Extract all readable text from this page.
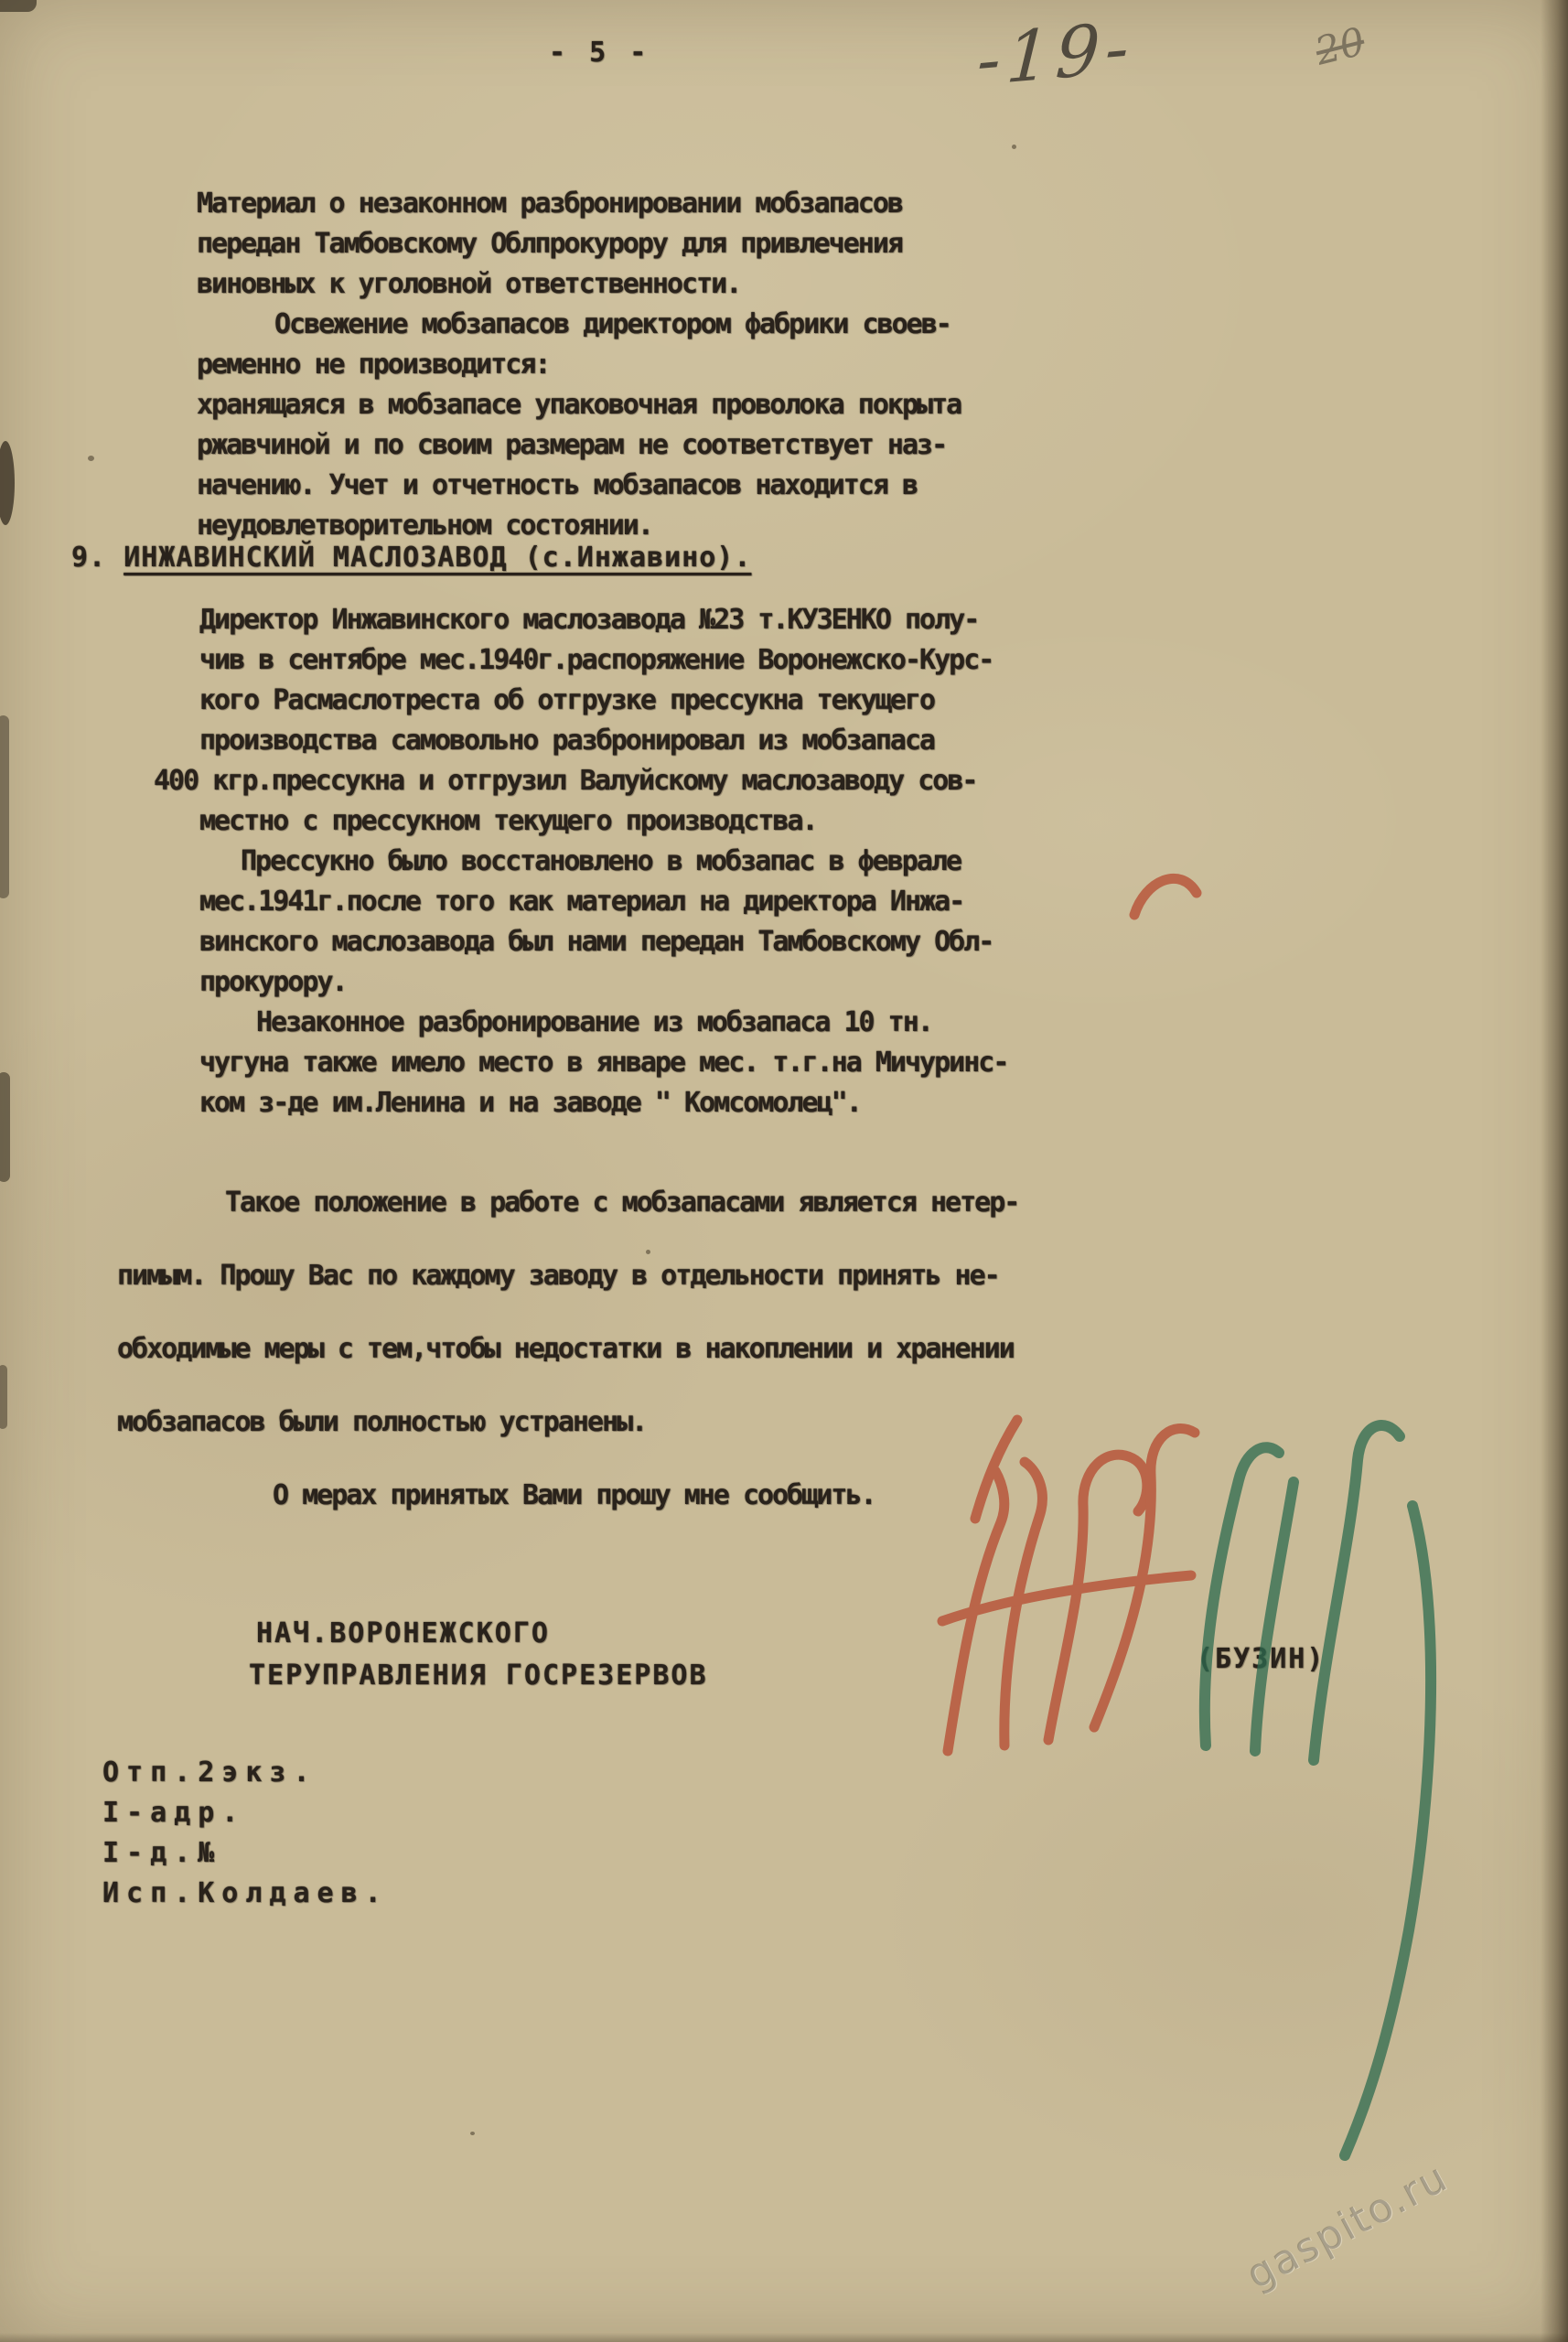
- 5 -	-19-	20
Материал о незаконном разбронировании мобзапасов
передан Тамбовскому Облпрокурору для привлечения
виновных к уголовной ответственности.
Освежение мобзапасов директором фабрики своев-
ременно не производится:
хранящаяся в мобзапасе упаковочная проволока покрыта
ржавчиной и по своим размерам не соответствует наз-
начению. Учет и отчетность мобзапасов находится в
неудовлетворительном состоянии.
9. ИНЖАВИНСКИЙ МАСЛОЗАВОД (с.Инжавино).
Директор Инжавинского маслозавода №23 т.КУЗЕНКО полу-
чив в сентябре мес.1940г.распоряжение Воронежско-Курс-
кого Расмаслотреста об отгрузке прессукна текущего
производства самовольно разбронировал из мобзапаса
400 кгр.прессукна и отгрузил Валуйскому маслозаводу сов-
местно с прессукном текущего производства.
Прессукно было восстановлено в мобзапас в феврале
мес.1941г.после того как материал на директора Инжа-
винского маслозавода был нами передан Тамбовскому Обл-
прокурору.
Незаконное разбронирование из мобзапаса 10 тн.
чугуна также имело место в январе мес. т.г.на Мичуринс-
ком з-де им.Ленина и на заводе " Комсомолец".
Такое положение в работе с мобзапасами является нетер-
пимым. Прошу Вас по каждому заводу в отдельности принять не-
обходимые меры с тем,чтобы недостатки в накоплении и хранении
мобзапасов были полностью устранены.
О мерах принятых Вами прошу мне сообщить.
НАЧ.ВОРОНЕЖСКОГО
ТЕРУПРАВЛЕНИЯ ГОСРЕЗЕРВОВ
(БУЗИН)
Отп.2экз.
I-адр.
I-д.№
Исп.Колдаев.
gaspito.ru
